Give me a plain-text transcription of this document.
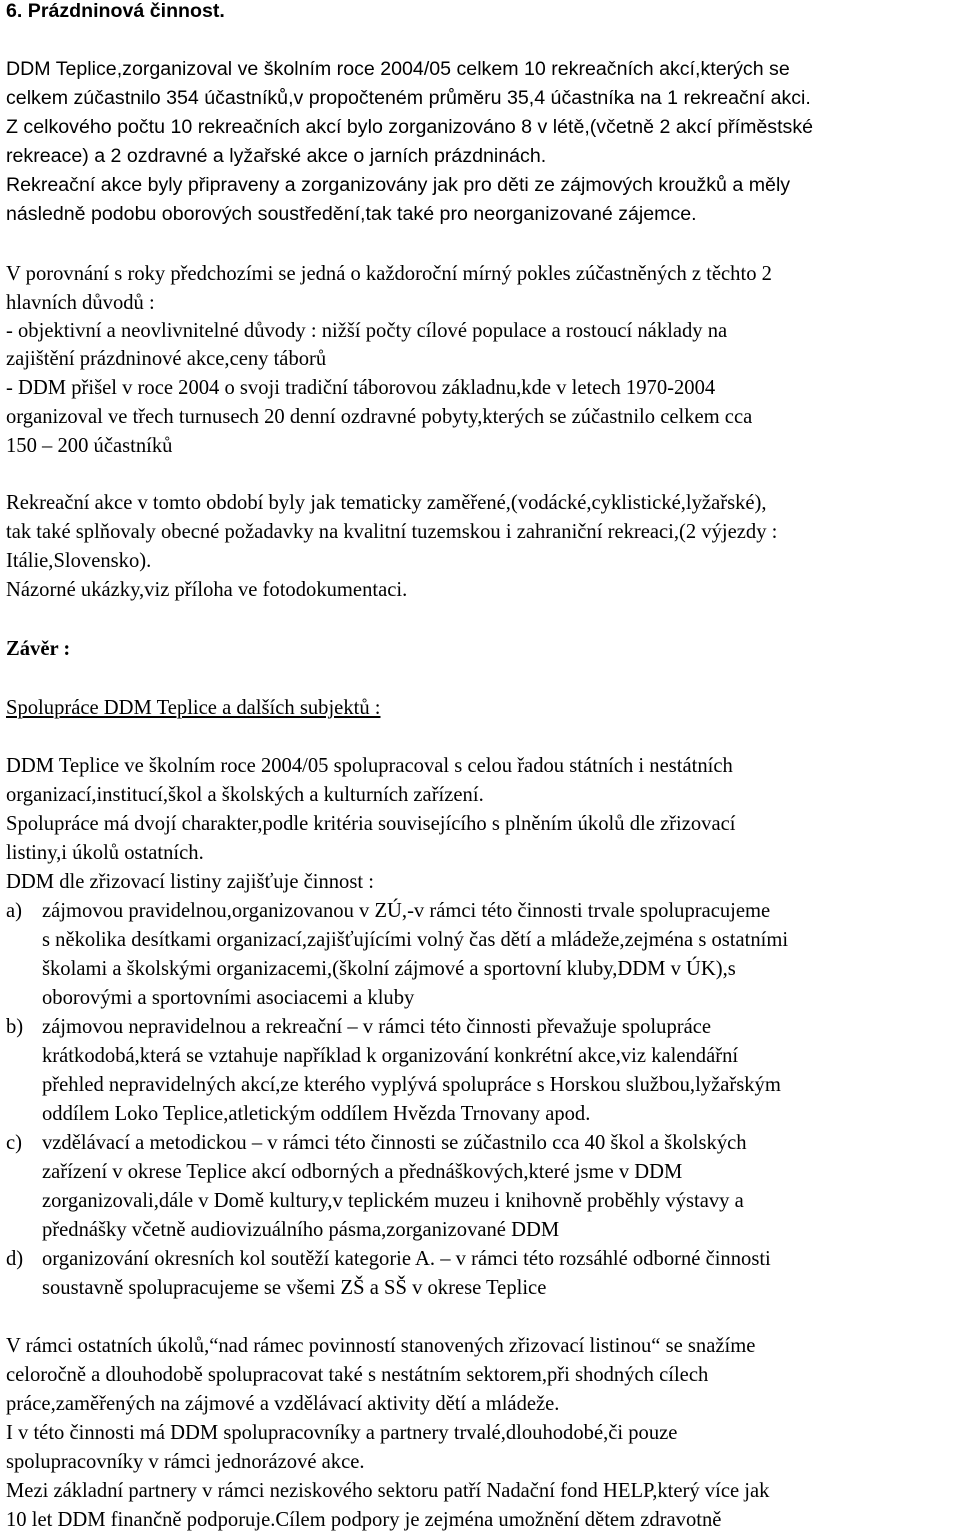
6. Prázdninová činnost.
DDM Teplice,zorganizoval ve školním roce 2004/05 celkem 10 rekreačních akcí,kterých se
celkem zúčastnilo 354 účastníků,v propočteném průměru 35,4 účastníka na 1 rekreační akci.
Z celkového počtu 10 rekreačních akcí bylo zorganizováno 8 v létě,(včetně 2 akcí příměstské
rekreace) a 2 ozdravné a lyžařské akce o jarních prázdninách.
Rekreační akce byly připraveny a zorganizovány jak pro děti ze zájmových kroužků a měly
následně podobu oborových soustředění,tak také pro neorganizované zájemce.
V porovnání s roky předchozími se jedná o každoroční mírný pokles zúčastněných z těchto 2
hlavních důvodů :
- objektivní a neovlivnitelné důvody : nižší počty cílové populace a rostoucí náklady na
zajištění prázdninové akce,ceny táborů
- DDM přišel v roce 2004 o svoji tradiční táborovou základnu,kde v letech 1970-2004
organizoval ve třech turnusech 20 denní ozdravné pobyty,kterých se zúčastnilo celkem cca
150 – 200 účastníků
Rekreační akce v tomto období byly jak tematicky zaměřené,(vodácké,cyklistické,lyžařské),
tak také splňovaly obecné požadavky na kvalitní tuzemskou i zahraniční rekreaci,(2 výjezdy :
Itálie,Slovensko).
Názorné ukázky,viz příloha ve fotodokumentaci.
Závěr :
Spolupráce DDM Teplice a dalších subjektů :
DDM Teplice ve školním roce 2004/05 spolupracoval s celou řadou státních i nestátních
organizací,institucí,škol a školských a kulturních zařízení.
Spolupráce má dvojí charakter,podle kritéria souvisejícího s plněním úkolů dle zřizovací
listiny,i úkolů ostatních.
DDM dle zřizovací listiny zajišťuje činnost :
a) zájmovou pravidelnou,organizovanou v ZÚ,-v rámci této činnosti trvale spolupracujeme
s několika desítkami organizací,zajišťujícími volný čas dětí a mládeže,zejména s ostatními
školami a školskými organizacemi,(školní zájmové a sportovní kluby,DDM v ÚK),s
oborovými a sportovními asociacemi a kluby
b) zájmovou nepravidelnou a rekreační – v rámci této činnosti převažuje spolupráce
krátkodobá,která se vztahuje například k organizování konkrétní akce,viz kalendářní
přehled nepravidelných akcí,ze kterého vyplývá spolupráce s Horskou službou,lyžařským
oddílem Loko Teplice,atletickým oddílem Hvězda Trnovany apod.
c) vzdělávací a metodickou – v rámci této činnosti se zúčastnilo cca 40 škol a školských
zařízení v okrese Teplice akcí odborných a přednáškových,které jsme v DDM
zorganizovali,dále v Domě kultury,v teplickém muzeu i knihovně proběhly výstavy a
přednášky včetně audiovizuálního pásma,zorganizované DDM
d) organizování okresních kol soutěží kategorie A. – v rámci této rozsáhlé odborné činnosti
soustavně spolupracujeme se všemi ZŠ a SŠ v okrese Teplice
V rámci ostatních úkolů,“nad rámec povinností stanovených zřizovací listinou“ se snažíme
celoročně a dlouhodobě spolupracovat také s nestátním sektorem,při shodných cílech
práce,zaměřených na zájmové a vzdělávací aktivity dětí a mládeže.
I v této činnosti má DDM spolupracovníky a partnery trvalé,dlouhodobé,či pouze
spolupracovníky v rámci jednorázové akce.
Mezi základní partnery v rámci neziskového sektoru patří Nadační fond HELP,který více jak
10 let DDM finančně podporuje.Cílem podpory je zejména umožnění dětem zdravotně
